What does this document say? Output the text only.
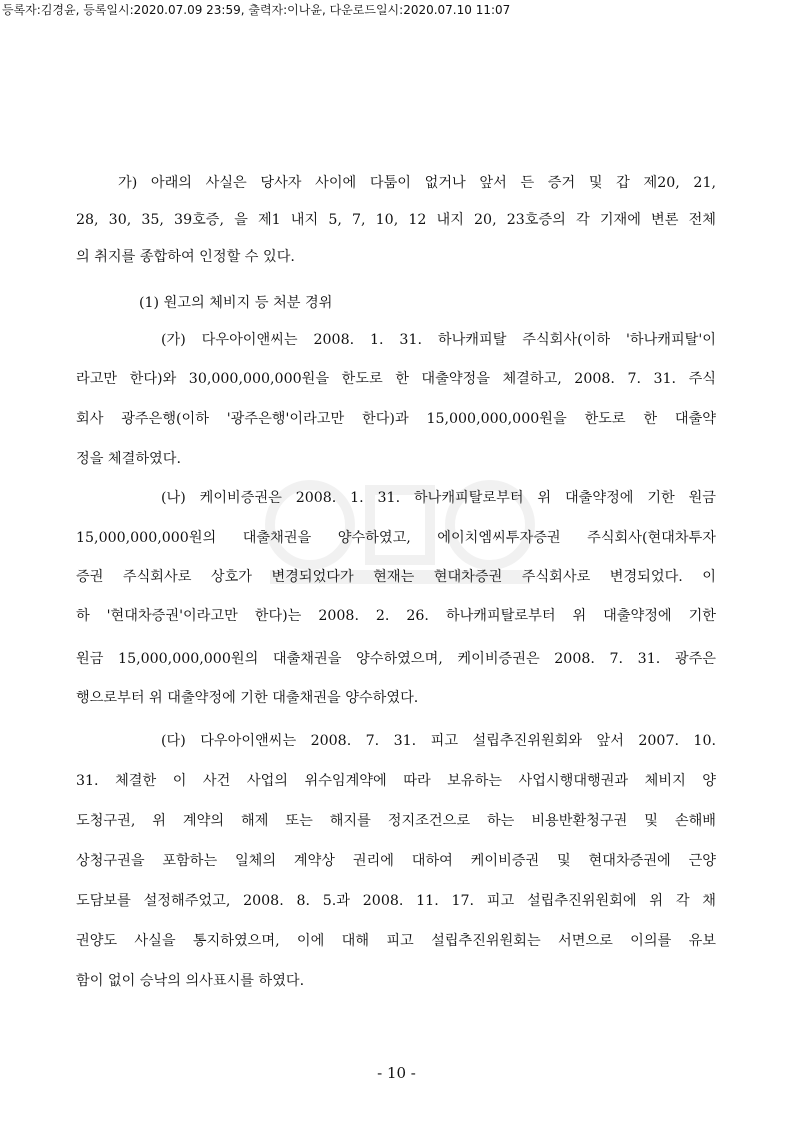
등록자:김경윤, 등록일시:2020.07.09 23:59, 출력자:이나윤, 다운로드일시:2020.07.10 11:07
가) 아래의 사실은 당사자 사이에 다툼이 없거나 앞서 든 증거 및 갑 제20, 21,
28, 30, 35, 39호증, 을 제1 내지 5, 7, 10, 12 내지 20, 23호증의 각 기재에 변론 전체
의 취지를 종합하여 인정할 수 있다.
(1) 원고의 체비지 등 처분 경위
(가) 다우아이앤씨는 2008. 1. 31. 하나캐피탈 주식회사(이하 '하나캐피탈'이
라고만 한다)와 30,000,000,000원을 한도로 한 대출약정을 체결하고, 2008. 7. 31. 주식
회사 광주은행(이하 '광주은행'이라고만 한다)과 15,000,000,000원을 한도로 한 대출약
정을 체결하였다.
(나) 케이비증권은 2008. 1. 31. 하나캐피탈로부터 위 대출약정에 기한 원금
15,000,000,000원의 대출채권을 양수하였고, 에이치엠씨투자증권 주식회사(현대차투자
증권 주식회사로 상호가 변경되었다가 현재는 현대차증권 주식회사로 변경되었다. 이
하 '현대차증권'이라고만 한다)는 2008. 2. 26. 하나캐피탈로부터 위 대출약정에 기한
원금 15,000,000,000원의 대출채권을 양수하였으며, 케이비증권은 2008. 7. 31. 광주은
행으로부터 위 대출약정에 기한 대출채권을 양수하였다.
(다) 다우아이앤씨는 2008. 7. 31. 피고 설립추진위원회와 앞서 2007. 10.
31. 체결한 이 사건 사업의 위수임계약에 따라 보유하는 사업시행대행권과 체비지 양
도청구권, 위 계약의 해제 또는 해지를 정지조건으로 하는 비용반환청구권 및 손해배
상청구권을 포함하는 일체의 계약상 권리에 대하여 케이비증권 및 현대차증권에 근양
도담보를 설정해주었고, 2008. 8. 5.과 2008. 11. 17. 피고 설립추진위원회에 위 각 채
권양도 사실을 통지하였으며, 이에 대해 피고 설립추진위원회는 서면으로 이의를 유보
함이 없이 승낙의 의사표시를 하였다.
- 10 -
